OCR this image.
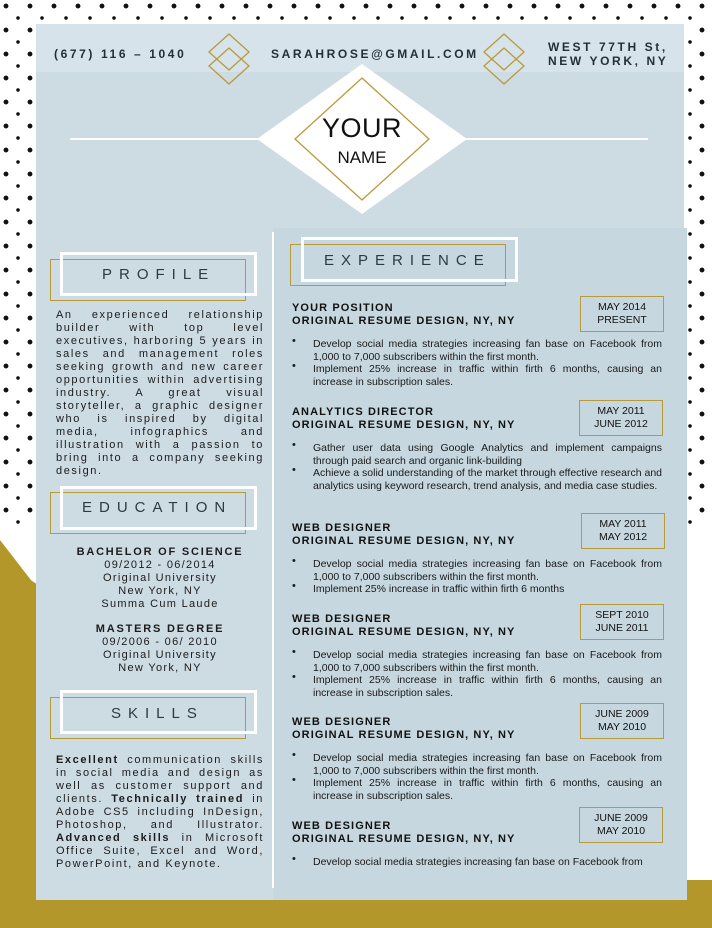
(677) 116 – 1040	SARAHROSE@GMAIL.COM	WEST 77TH St,
NEW YORK, NY
YOUR
NAME
PROFILE
An experienced relationship builder with top level executives, harboring 5 years in sales and management roles seeking growth and new career opportunities within advertising industry. A great visual storyteller, a graphic designer who is inspired by digital media, infographics and illustration with a passion to bring into a company seeking design.
EDUCATION
BACHELOR OF SCIENCE
09/2012 - 06/2014
Original University
New York, NY
Summa Cum Laude
MASTERS DEGREE
09/2006 - 06/ 2010
Original University
New York, NY
SKILLS
Excellent communication skills in social media and design as well as customer support and clients. Technically trained in Adobe CS5 including InDesign, Photoshop, and Illustrator. Advanced skills in Microsoft Office Suite, Excel and Word, PowerPoint, and Keynote.
EXPERIENCE
YOUR POSITION
ORIGINAL RESUME DESIGN, NY, NY
• Develop social media strategies increasing fan base on Facebook from 1,000 to 7,000 subscribers within the first month.
• Implement 25% increase in traffic within firth 6 months, causing an increase in subscription sales.
MAY 2014
PRESENT
ANALYTICS DIRECTOR
ORIGINAL RESUME DESIGN, NY, NY
• Gather user data using Google Analytics and implement campaigns through paid search and organic link-building
• Achieve a solid understanding of the market through effective research and analytics using keyword research, trend analysis, and media case studies.
MAY 2011
JUNE 2012
WEB DESIGNER
ORIGINAL RESUME DESIGN, NY, NY
• Develop social media strategies increasing fan base on Facebook from 1,000 to 7,000 subscribers within the first month.
• Implement 25% increase in traffic within firth 6 months
MAY 2011
MAY 2012
WEB DESIGNER
ORIGINAL RESUME DESIGN, NY, NY
• Develop social media strategies increasing fan base on Facebook from 1,000 to 7,000 subscribers within the first month.
• Implement 25% increase in traffic within firth 6 months, causing an increase in subscription sales.
SEPT 2010
JUNE 2011
WEB DESIGNER
ORIGINAL RESUME DESIGN, NY, NY
• Develop social media strategies increasing fan base on Facebook from 1,000 to 7,000 subscribers within the first month.
• Implement 25% increase in traffic within firth 6 months, causing an increase in subscription sales.
JUNE 2009
MAY 2010
WEB DESIGNER
ORIGINAL RESUME DESIGN, NY, NY
• Develop social media strategies increasing fan base on Facebook from
JUNE 2009
MAY 2010
